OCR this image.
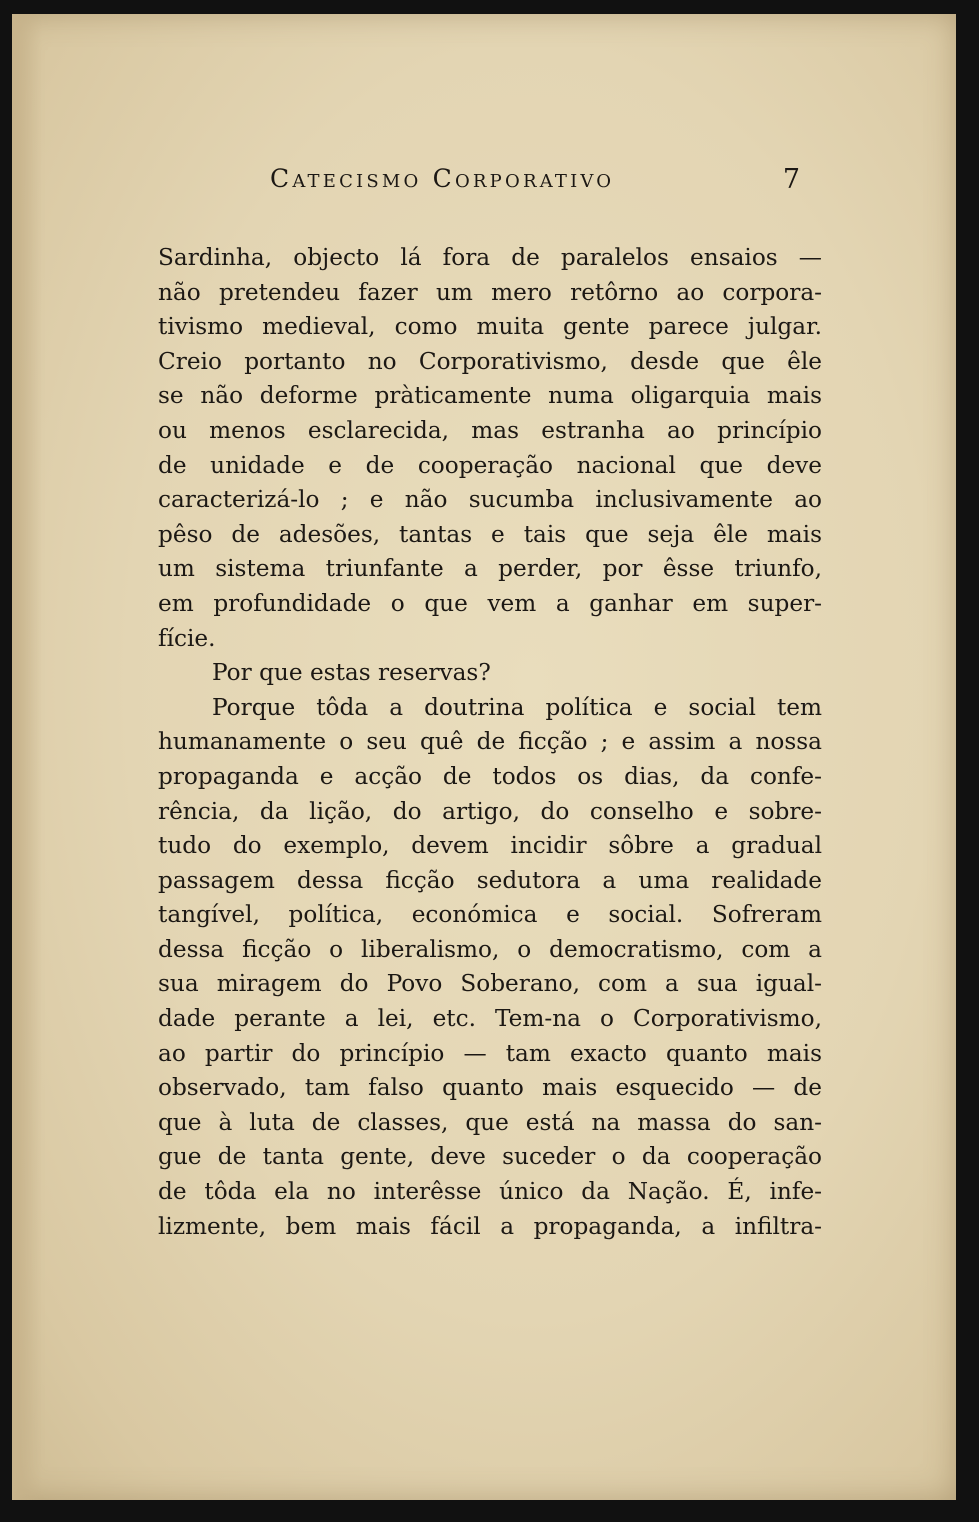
Catecismo Corporativo	7
Sardinha, objecto lá fora de paralelos ensaios —
não pretendeu fazer um mero retôrno ao corpora-
tivismo medieval, como muita gente parece julgar.
Creio portanto no Corporativismo, desde que êle
se não deforme pràticamente numa oligarquia mais
ou menos esclarecida, mas estranha ao princípio
de unidade e de cooperação nacional que deve
caracterizá-lo ; e não sucumba inclusivamente ao
pêso de adesões, tantas e tais que seja êle mais
um sistema triunfante a perder, por êsse triunfo,
em profundidade o que vem a ganhar em super-
fície.
Por que estas reservas?
Porque tôda a doutrina política e social tem
humanamente o seu quê de ficção ; e assim a nossa
propaganda e acção de todos os dias, da confe-
rência, da lição, do artigo, do conselho e sobre-
tudo do exemplo, devem incidir sôbre a gradual
passagem dessa ficção sedutora a uma realidade
tangível, política, económica e social. Sofreram
dessa ficção o liberalismo, o democratismo, com a
sua miragem do Povo Soberano, com a sua igual-
dade perante a lei, etc. Tem-na o Corporativismo,
ao partir do princípio — tam exacto quanto mais
observado, tam falso quanto mais esquecido — de
que à luta de classes, que está na massa do san-
gue de tanta gente, deve suceder o da cooperação
de tôda ela no interêsse único da Nação. É, infe-
lizmente, bem mais fácil a propaganda, a infiltra-
